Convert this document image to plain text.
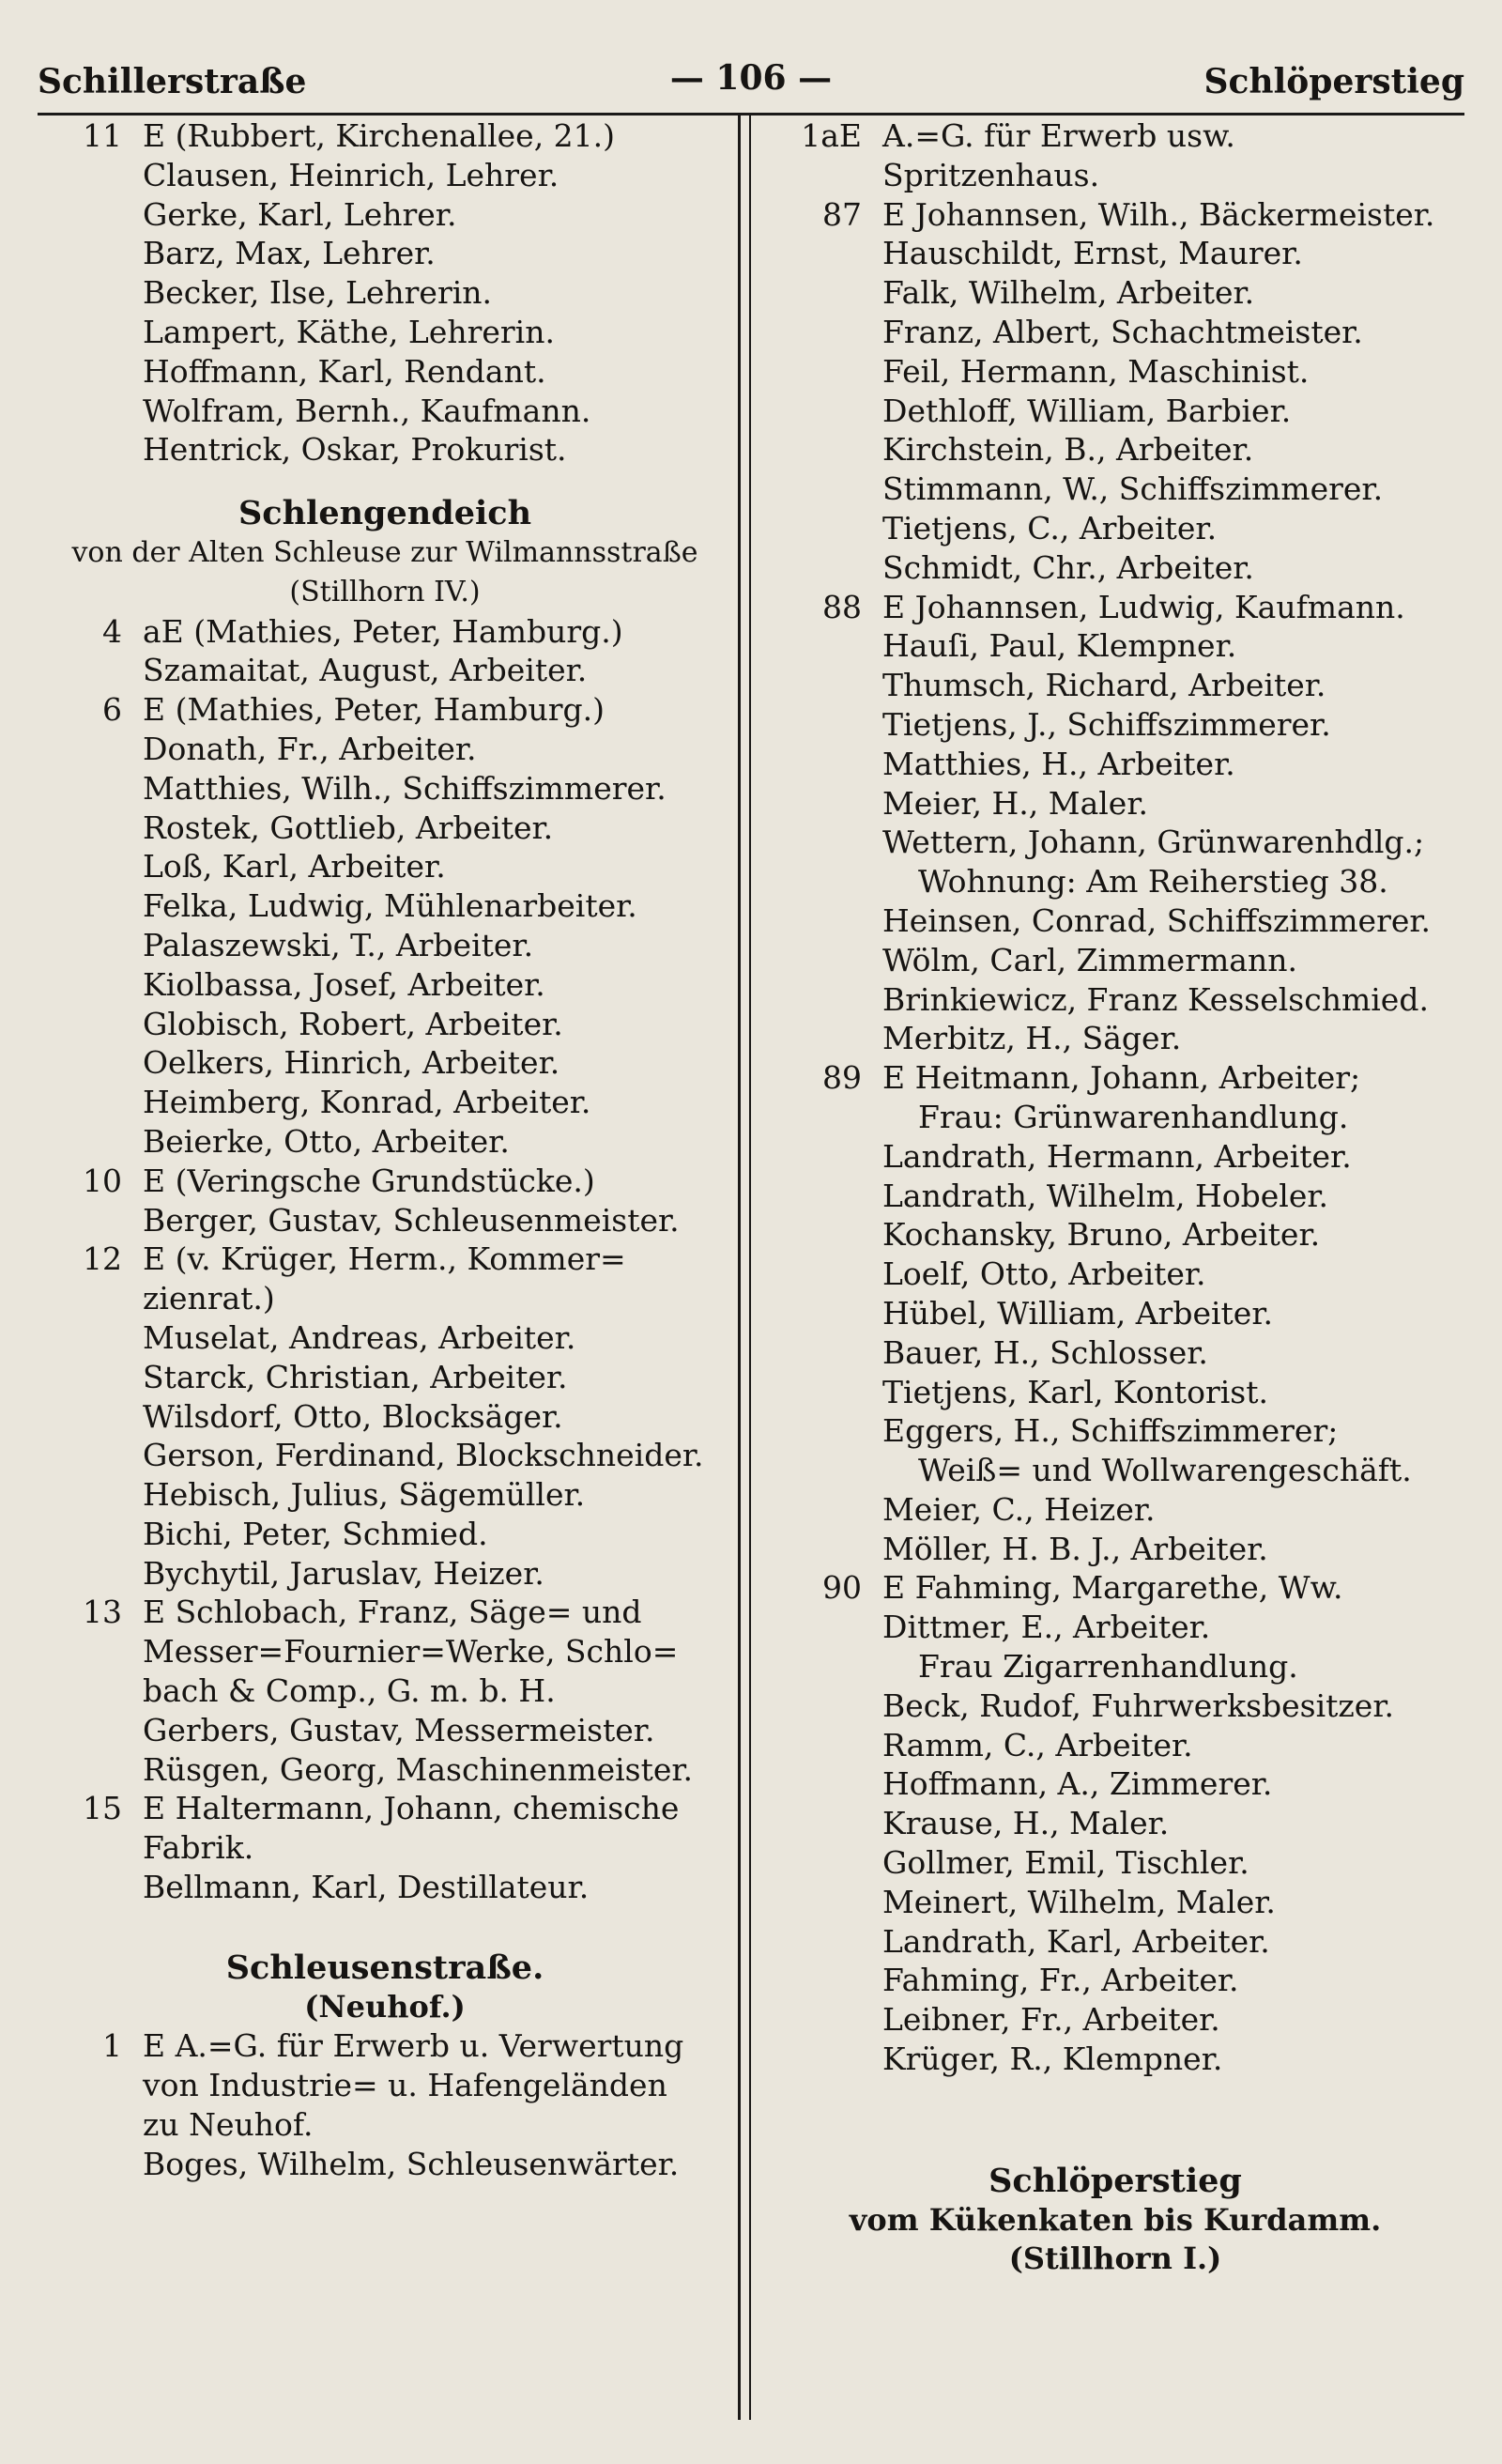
Schillerstraße	— 106 —	Schlöperstieg
11 E (Rubbert, Kirchenallee, 21.)
Clausen, Heinrich, Lehrer.
Gerke, Karl, Lehrer.
Barz, Max, Lehrer.
Becker, Ilse, Lehrerin.
Lampert, Käthe, Lehrerin.
Hoffmann, Karl, Rendant.
Wolfram, Bernh., Kaufmann.
Hentrick, Oskar, Prokurist.
Schlengendeich
von der Alten Schleuse zur Wilmannsstraße
(Stillhorn IV.)
4 aE (Mathies, Peter, Hamburg.)
Szamaitat, August, Arbeiter.
6 E (Mathies, Peter, Hamburg.)
Donath, Fr., Arbeiter.
Matthies, Wilh., Schiffszimmerer.
Rostek, Gottlieb, Arbeiter.
Loß, Karl, Arbeiter.
Felka, Ludwig, Mühlenarbeiter.
Palaszewski, T., Arbeiter.
Kiolbassa, Josef, Arbeiter.
Globisch, Robert, Arbeiter.
Oelkers, Hinrich, Arbeiter.
Heimberg, Konrad, Arbeiter.
Beierke, Otto, Arbeiter.
10 E (Veringsche Grundstücke.)
Berger, Gustav, Schleusenmeister.
12 E (v. Krüger, Herm., Kommer=
zienrat.)
Muselat, Andreas, Arbeiter.
Starck, Christian, Arbeiter.
Wilsdorf, Otto, Blocksäger.
Gerson, Ferdinand, Blockschneider.
Hebisch, Julius, Sägemüller.
Bichi, Peter, Schmied.
Bychytil, Jaruslav, Heizer.
13 E Schlobach, Franz, Säge= und
Messer=Fournier=Werke, Schlo=
bach & Comp., G. m. b. H.
Gerbers, Gustav, Messermeister.
Rüsgen, Georg, Maschinenmeister.
15 E Haltermann, Johann, chemische
Fabrik.
Bellmann, Karl, Destillateur.
Schleusenstraße.
(Neuhof.)
1 E A.=G. für Erwerb u. Verwertung
von Industrie= u. Hafengeländen
zu Neuhof.
Boges, Wilhelm, Schleusenwärter.
1aE A.=G. für Erwerb usw.
Spritzenhaus.
87 E Johannsen, Wilh., Bäckermeister.
Hauschildt, Ernst, Maurer.
Falk, Wilhelm, Arbeiter.
Franz, Albert, Schachtmeister.
Feil, Hermann, Maschinist.
Dethloff, William, Barbier.
Kirchstein, B., Arbeiter.
Stimmann, W., Schiffszimmerer.
Tietjens, C., Arbeiter.
Schmidt, Chr., Arbeiter.
88 E Johannsen, Ludwig, Kaufmann.
Hauſi, Paul, Klempner.
Thumsch, Richard, Arbeiter.
Tietjens, J., Schiffszimmerer.
Matthies, H., Arbeiter.
Meier, H., Maler.
Wettern, Johann, Grünwarenhdlg.;
Wohnung: Am Reiherstieg 38.
Heinsen, Conrad, Schiffszimmerer.
Wölm, Carl, Zimmermann.
Brinkiewicz, Franz Kesselschmied.
Merbitz, H., Säger.
89 E Heitmann, Johann, Arbeiter;
Frau: Grünwarenhandlung.
Landrath, Hermann, Arbeiter.
Landrath, Wilhelm, Hobeler.
Kochansky, Bruno, Arbeiter.
Loelf, Otto, Arbeiter.
Hübel, William, Arbeiter.
Bauer, H., Schlosser.
Tietjens, Karl, Kontorist.
Eggers, H., Schiffszimmerer;
Weiß= und Wollwarengeschäft.
Meier, C., Heizer.
Möller, H. B. J., Arbeiter.
90 E Fahming, Margarethe, Ww.
Dittmer, E., Arbeiter.
Frau Zigarrenhandlung.
Beck, Rudof, Fuhrwerksbesitzer.
Ramm, C., Arbeiter.
Hoffmann, A., Zimmerer.
Krause, H., Maler.
Gollmer, Emil, Tischler.
Meinert, Wilhelm, Maler.
Landrath, Karl, Arbeiter.
Fahming, Fr., Arbeiter.
Leibner, Fr., Arbeiter.
Krüger, R., Klempner.
Schlöperstieg
vom Kükenkaten bis Kurdamm.
(Stillhorn I.)
